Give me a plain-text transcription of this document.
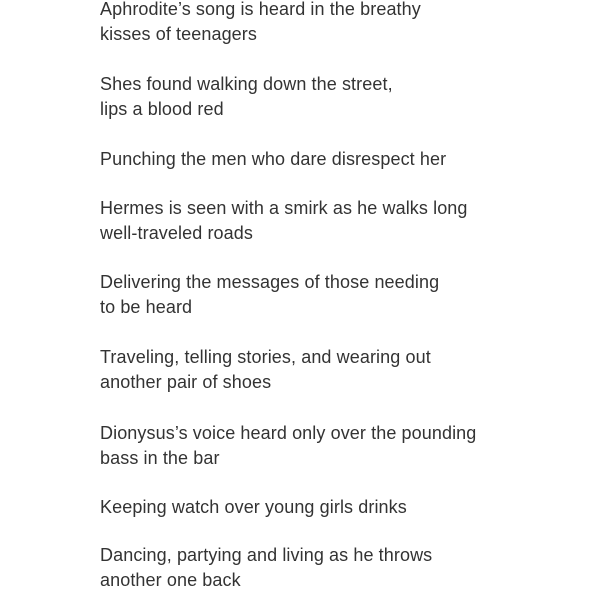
Aphrodite’s song is heard in the breathy
kisses of teenagers
Shes found walking down the street,
lips a blood red
Punching the men who dare disrespect her
Hermes is seen with a smirk as he walks long
well-traveled roads
Delivering the messages of those needing
to be heard
Traveling, telling stories, and wearing out
another pair of shoes
Dionysus’s voice heard only over the pounding
bass in the bar
Keeping watch over young girls drinks
Dancing, partying and living as he throws
another one back
